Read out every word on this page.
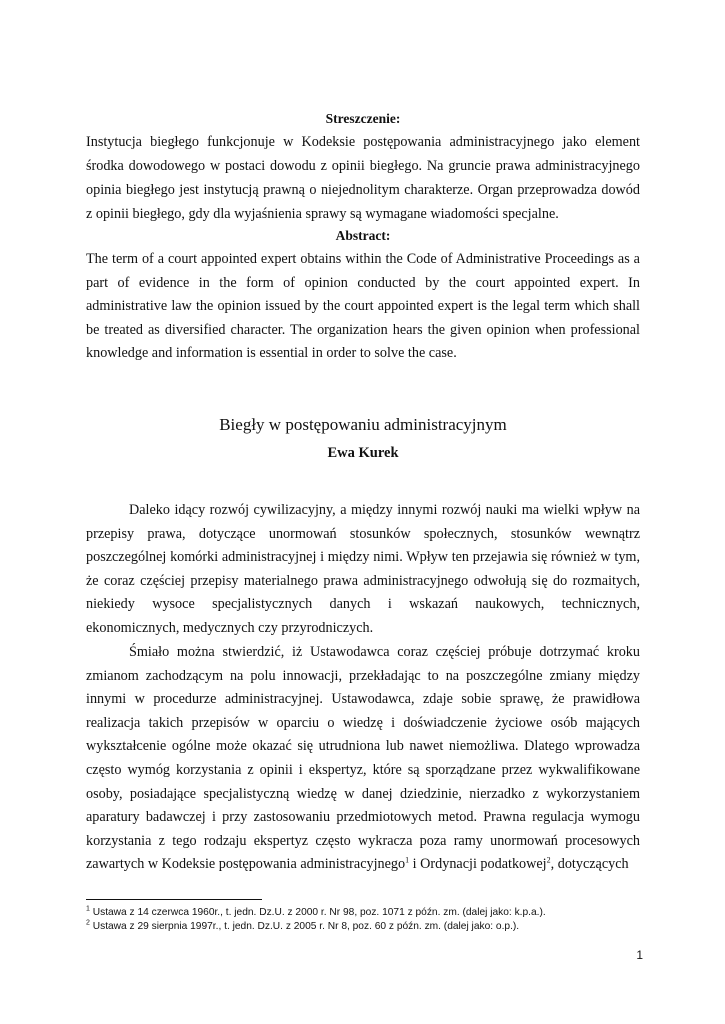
Streszczenie:

Instytucja biegłego funkcjonuje w Kodeksie postępowania administracyjnego jako element środka dowodowego w postaci dowodu z opinii biegłego. Na gruncie prawa administracyjnego opinia biegłego jest instytucją prawną o niejednolitym charakterze. Organ przeprowadza dowód z opinii biegłego, gdy dla wyjaśnienia sprawy są wymagane wiadomości specjalne.

Abstract:

The term of a court appointed expert obtains within the Code of Administrative Proceedings as a part of evidence in the form of opinion conducted by the court appointed expert. In administrative law the opinion issued by the court appointed expert is the legal term which shall be treated as diversified character. The organization hears the given opinion when professional knowledge and information is essential in order to solve the case.

Biegły w postępowaniu administracyjnym
Ewa Kurek

Daleko idący rozwój cywilizacyjny, a między innymi rozwój nauki ma wielki wpływ na przepisy prawa, dotyczące unormowań stosunków społecznych, stosunków wewnątrz poszczególnej komórki administracyjnej i między nimi. Wpływ ten przejawia się również w tym, że coraz częściej przepisy materialnego prawa administracyjnego odwołują się do rozmaitych, niekiedy wysoce specjalistycznych danych i wskazań naukowych, technicznych, ekonomicznych, medycznych czy przyrodniczych.

Śmiało można stwierdzić, iż Ustawodawca coraz częściej próbuje dotrzymać kroku zmianom zachodzącym na polu innowacji, przekładając to na poszczególne zmiany między innymi w procedurze administracyjnej. Ustawodawca, zdaje sobie sprawę, że prawidłowa realizacja takich przepisów w oparciu o wiedzę i doświadczenie życiowe osób mających wykształcenie ogólne może okazać się utrudniona lub nawet niemożliwa. Dlatego wprowadza często wymóg korzystania z opinii i ekspertyz, które są sporządzane przez wykwalifikowane osoby, posiadające specjalistyczną wiedzę w danej dziedzinie, nierzadko z wykorzystaniem aparatury badawczej i przy zastosowaniu przedmiotowych metod. Prawna regulacja wymogu korzystania z tego rodzaju ekspertyz często wykracza poza ramy unormowań procesowych zawartych w Kodeksie postępowania administracyjnego$^1$ i Ordynacji podatkowej$^2$, dotyczących

$^1$ Ustawa z 14 czerwca 1960r., t. jedn. Dz.U. z 2000 r. Nr 98, poz. 1071 z późn. zm. (dalej jako: k.p.a.).
$^2$ Ustawa z 29 sierpnia 1997r., t. jedn. Dz.U. z 2005 r. Nr 8, poz. 60 z późn. zm. (dalej jako: o.p.).
1
